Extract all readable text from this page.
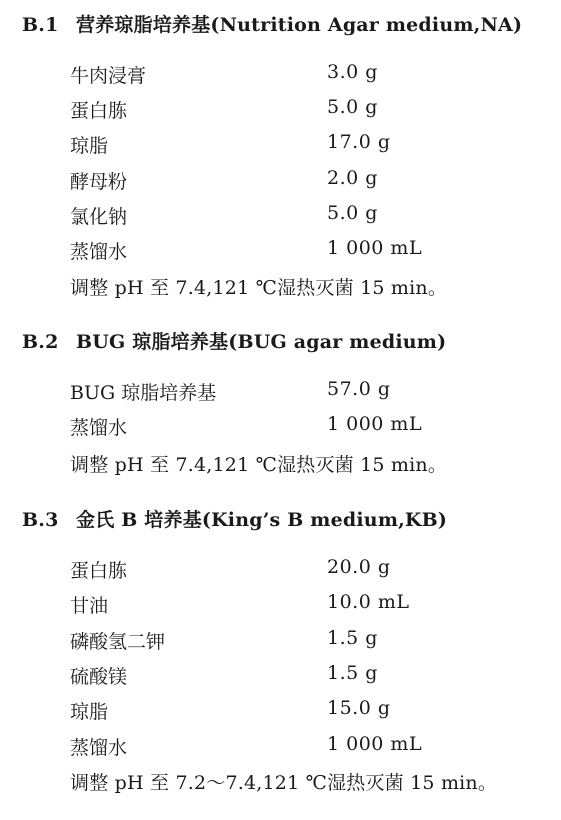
B.1 营养琼脂培养基(Nutrition Agar medium,NA)
牛肉浸膏	3.0 g
蛋白胨	5.0 g
琼脂	17.0 g
酵母粉	2.0 g
氯化钠	5.0 g
蒸馏水	1 000 mL
调整 pH 至 7.4,121 ℃湿热灭菌 15 min。
B.2 BUG 琼脂培养基(BUG agar medium)
BUG 琼脂培养基	57.0 g
蒸馏水	1 000 mL
调整 pH 至 7.4,121 ℃湿热灭菌 15 min。
B.3 金氏 B 培养基(King’s B medium,KB)
蛋白胨	20.0 g
甘油	10.0 mL
磷酸氢二钾	1.5 g
硫酸镁	1.5 g
琼脂	15.0 g
蒸馏水	1 000 mL
调整 pH 至 7.2～7.4,121 ℃湿热灭菌 15 min。
